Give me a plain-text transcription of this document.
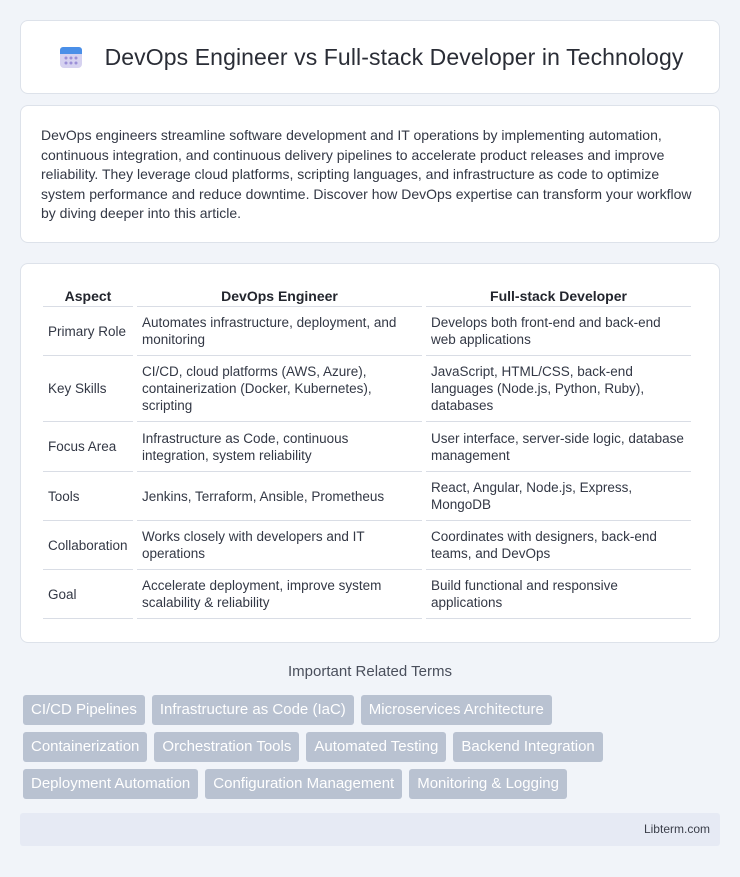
DevOps Engineer vs Full-stack Developer in Technology

DevOps engineers streamline software development and IT operations by implementing automation, continuous integration, and continuous delivery pipelines to accelerate product releases and improve reliability. They leverage cloud platforms, scripting languages, and infrastructure as code to optimize system performance and reduce downtime. Discover how DevOps expertise can transform your workflow by diving deeper into this article.

Aspect	DevOps Engineer	Full-stack Developer
Primary Role	Automates infrastructure, deployment, and monitoring	Develops both front-end and back-end web applications
Key Skills	CI/CD, cloud platforms (AWS, Azure), containerization (Docker, Kubernetes), scripting	JavaScript, HTML/CSS, back-end languages (Node.js, Python, Ruby), databases
Focus Area	Infrastructure as Code, continuous integration, system reliability	User interface, server-side logic, database management
Tools	Jenkins, Terraform, Ansible, Prometheus	React, Angular, Node.js, Express, MongoDB
Collaboration	Works closely with developers and IT operations	Coordinates with designers, back-end teams, and DevOps
Goal	Accelerate deployment, improve system scalability & reliability	Build functional and responsive applications
Important Related Terms
CI/CD Pipelines	Infrastructure as Code (IaC)	Microservices Architecture
Containerization	Orchestration Tools	Automated Testing	Backend Integration
Deployment Automation	Configuration Management	Monitoring & Logging
Libterm.com
